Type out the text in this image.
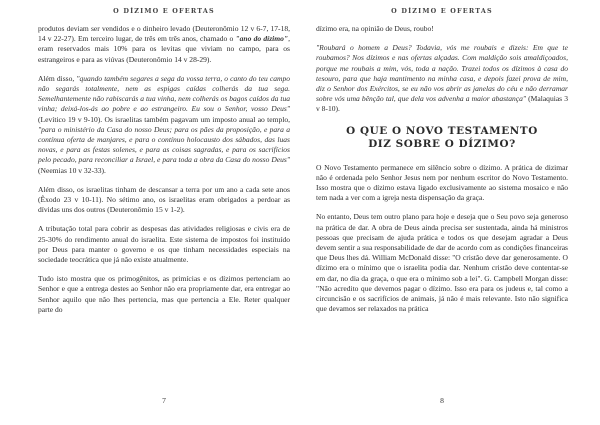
O DÍZIMO E OFERTAS

produtos deviam ser vendidos e o dinheiro levado (Deuteronômio 12 v 6-7, 17-18, 14 v 22-27). Em terceiro lugar, de três em três anos, chamado o "ano do dízimo", eram reservados mais 10% para os levitas que viviam no campo, para os estrangeiros e para as viúvas (Deuteronômio 14 v 28-29).

Além disso, "quando também segares a sega da vossa terra, o canto do teu campo não segarás totalmente, nem as espigas caídas colherás da tua sega. Semelhantemente não rabiscarás a tua vinha, nem colherás os bagos caídos da tua vinha; deixá-los-ás ao pobre e ao estrangeiro. Eu sou o Senhor, vosso Deus" (Levítico 19 v 9-10). Os israelitas também pagavam um imposto anual ao templo, "para o ministério da Casa do nosso Deus; para os pães da proposição, e para a contínua oferta de manjares, e para o contínuo holocausto dos sábados, das luas novas, e para as festas solenes, e para as coisas sagradas, e para os sacrifícios pelo pecado, para reconciliar a Israel, e para toda a obra da Casa do nosso Deus" (Neemias 10 v 32-33).

Além disso, os israelitas tinham de descansar a terra por um ano a cada sete anos (Êxodo 23 v 10-11). No sétimo ano, os israelitas eram obrigados a perdoar as dívidas uns dos outros (Deuteronômio 15 v 1-2).

A tributação total para cobrir as despesas das atividades religiosas e civis era de 25-30% do rendimento anual do israelita. Este sistema de impostos foi instituído por Deus para manter o governo e os que tinham necessidades especiais na sociedade teocrática que já não existe atualmente.

Tudo isto mostra que os primogênitos, as primícias e os dízimos pertenciam ao Senhor e que a entrega destes ao Senhor não era propriamente dar, era entregar ao Senhor aquilo que não lhes pertencia, mas que pertencia a Ele. Reter qualquer parte do

7
O DÍZIMO E OFERTAS

dízimo era, na opinião de Deus, roubo!

"Roubará o homem a Deus? Todavia, vós me roubais e dizeis: Em que te roubamos? Nos dízimos e nas ofertas alçadas. Com maldição sois amaldiçoados, porque me roubais a mim, vós, toda a nação. Trazei todos os dízimos à casa do tesouro, para que haja mantimento na minha casa, e depois fazei prova de mim, diz o Senhor dos Exércitos, se eu não vos abrir as janelas do céu e não derramar sobre vós uma bênção tal, que dela vos advenha a maior abastança" (Malaquias 3 v 8-10).

O QUE O NOVO TESTAMENTO
DIZ SOBRE O DÍZIMO?

O Novo Testamento permanece em silêncio sobre o dízimo. A prática de dizimar não é ordenada pelo Senhor Jesus nem por nenhum escritor do Novo Testamento. Isso mostra que o dízimo estava ligado exclusivamente ao sistema mosaico e não tem nada a ver com a igreja nesta dispensação da graça.

No entanto, Deus tem outro plano para hoje e deseja que o Seu povo seja generoso na prática de dar. A obra de Deus ainda precisa ser sustentada, ainda há ministros pessoas que precisam de ajuda prática e todos os que desejam agradar a Deus devem sentir a sua responsabilidade de dar de acordo com as condições financeiras que Deus lhes dá. William McDonald disse: "O cristão deve dar generosamente. O dízimo era o mínimo que o israelita podia dar. Nenhum cristão deve contentar-se em dar, no dia da graça, o que era o mínimo sob a lei". G. Campbell Morgan disse: "Não acredito que devemos pagar o dízimo. Isso era para os judeus e, tal como a circuncisão e os sacrifícios de animais, já não é mais relevante. Isto não significa que devamos ser relaxados na prática

8
